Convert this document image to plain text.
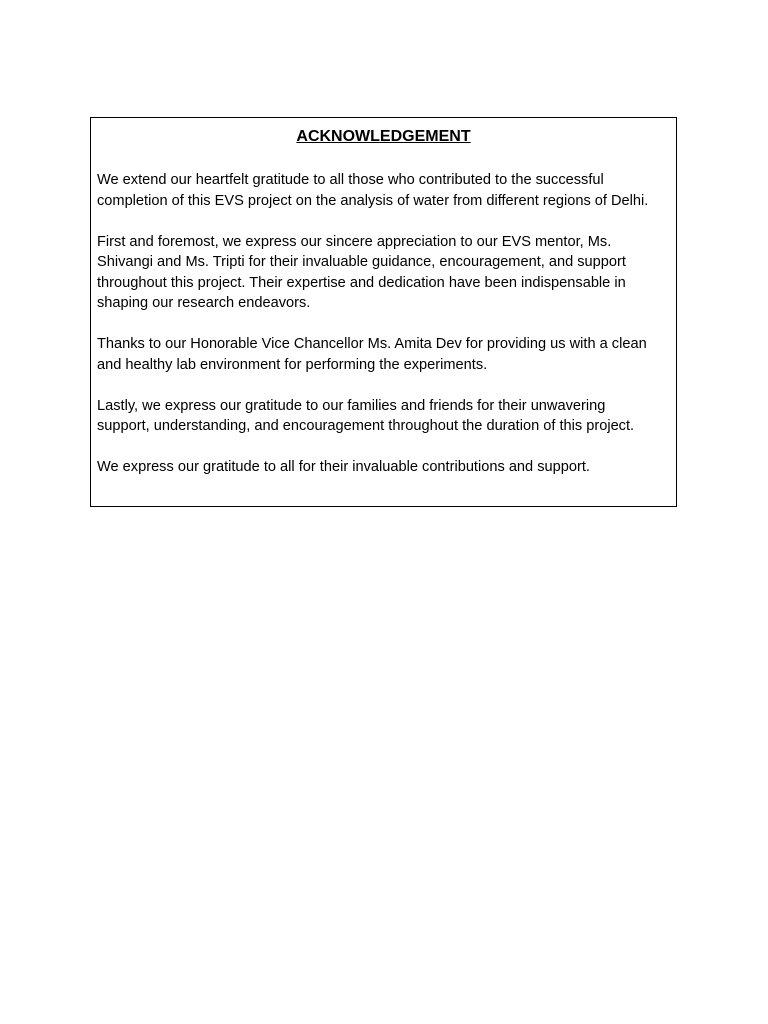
ACKNOWLEDGEMENT

We extend our heartfelt gratitude to all those who contributed to the successful
completion of this EVS project on the analysis of water from different regions of Delhi.

First and foremost, we express our sincere appreciation to our EVS mentor, Ms.
Shivangi and Ms. Tripti for their invaluable guidance, encouragement, and support
throughout this project. Their expertise and dedication have been indispensable in
shaping our research endeavors.

Thanks to our Honorable Vice Chancellor Ms. Amita Dev for providing us with a clean
and healthy lab environment for performing the experiments.

Lastly, we express our gratitude to our families and friends for their unwavering
support, understanding, and encouragement throughout the duration of this project.

We express our gratitude to all for their invaluable contributions and support.
